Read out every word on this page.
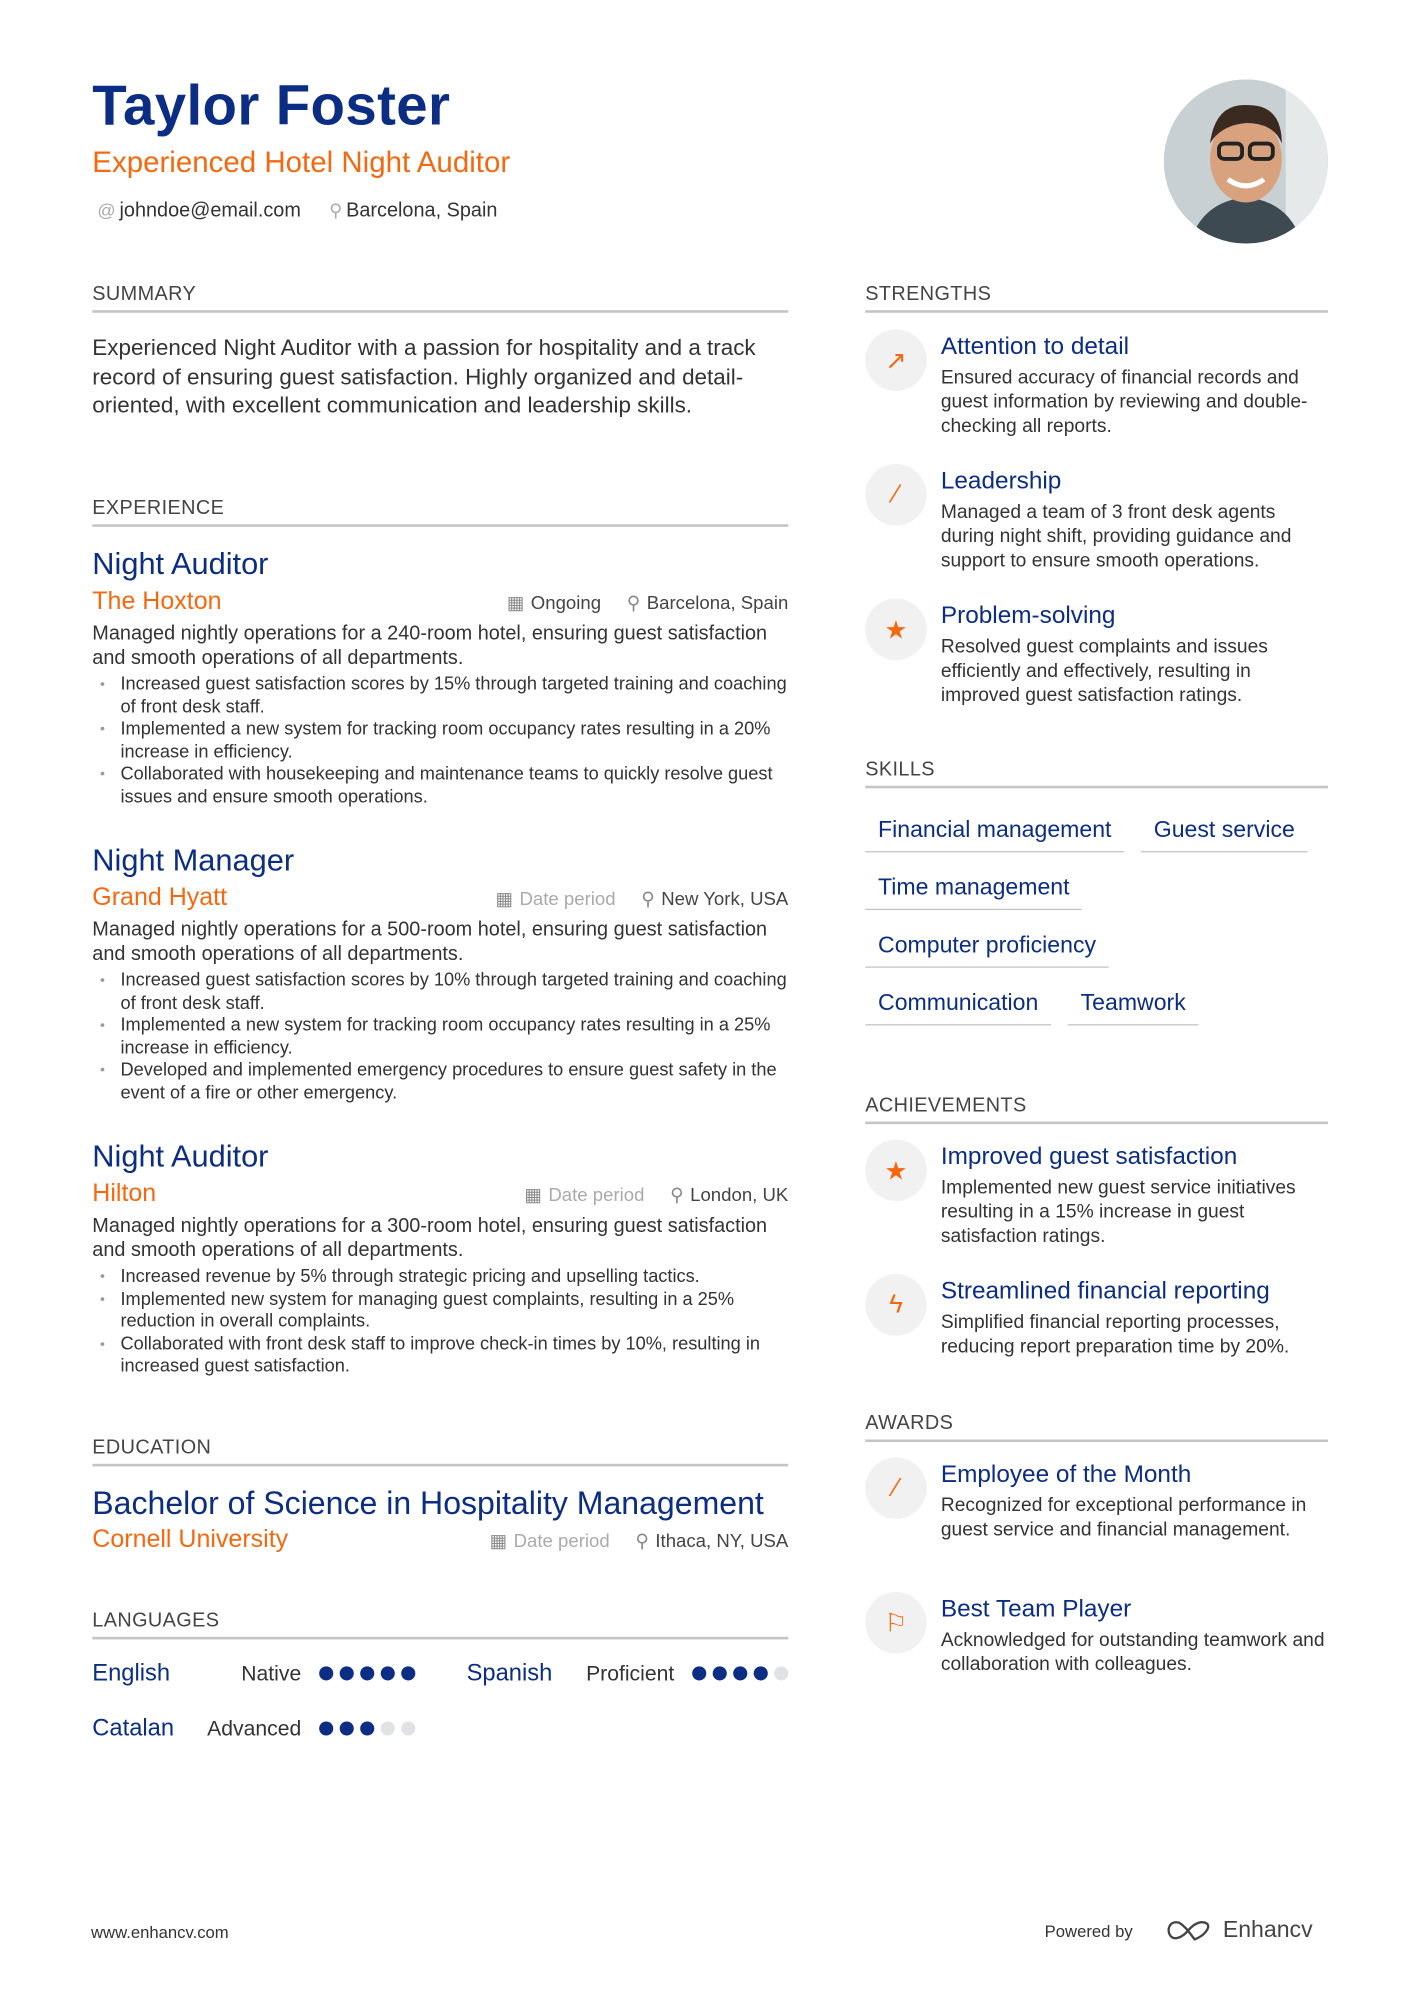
Taylor Foster
Experienced Hotel Night Auditor
@ johndoe@email.com ⚲ Barcelona, Spain
SUMMARY
Experienced Night Auditor with a passion for hospitality and a track record of ensuring guest satisfaction. Highly organized and detail-oriented, with excellent communication and leadership skills.
EXPERIENCE
Night Auditor
The Hoxton	▦ Ongoing ⚲ Barcelona, Spain
Managed nightly operations for a 240-room hotel, ensuring guest satisfaction and smooth operations of all departments.
• Increased guest satisfaction scores by 15% through targeted training and coaching of front desk staff.
• Implemented a new system for tracking room occupancy rates resulting in a 20% increase in efficiency.
• Collaborated with housekeeping and maintenance teams to quickly resolve guest issues and ensure smooth operations.
Night Manager
Grand Hyatt	▦ Date period ⚲ New York, USA
Managed nightly operations for a 500-room hotel, ensuring guest satisfaction and smooth operations of all departments.
• Increased guest satisfaction scores by 10% through targeted training and coaching of front desk staff.
• Implemented a new system for tracking room occupancy rates resulting in a 25% increase in efficiency.
• Developed and implemented emergency procedures to ensure guest safety in the event of a fire or other emergency.
Night Auditor
Hilton	▦ Date period ⚲ London, UK
Managed nightly operations for a 300-room hotel, ensuring guest satisfaction and smooth operations of all departments.
• Increased revenue by 5% through strategic pricing and upselling tactics.
• Implemented new system for managing guest complaints, resulting in a 25% reduction in overall complaints.
• Collaborated with front desk staff to improve check-in times by 10%, resulting in increased guest satisfaction.
EDUCATION
Bachelor of Science in Hospitality Management
Cornell University	▦ Date period ⚲ Ithaca, NY, USA
LANGUAGES
English	Native	Spanish	Proficient
Catalan	Advanced
STRENGTHS
↗	Attention to detail
Ensured accuracy of financial records and guest information by reviewing and double-checking all reports.
⁄	Leadership
Managed a team of 3 front desk agents during night shift, providing guidance and support to ensure smooth operations.
★	Problem-solving
Resolved guest complaints and issues efficiently and effectively, resulting in improved guest satisfaction ratings.
SKILLS
Financial management	Guest service
Time management
Computer proficiency
Communication	Teamwork
ACHIEVEMENTS
★
Improved guest satisfaction
Implemented new guest service initiatives resulting in a 15% increase in guest satisfaction ratings.
ϟ	Streamlined financial reporting
Simplified financial reporting processes, reducing report preparation time by 20%.
AWARDS
⁄	Employee of the Month
Recognized for exceptional performance in guest service and financial management.
⚐	Best Team Player
Acknowledged for outstanding teamwork and collaboration with colleagues.
www.enhancv.com	Powered by	Enhancv
